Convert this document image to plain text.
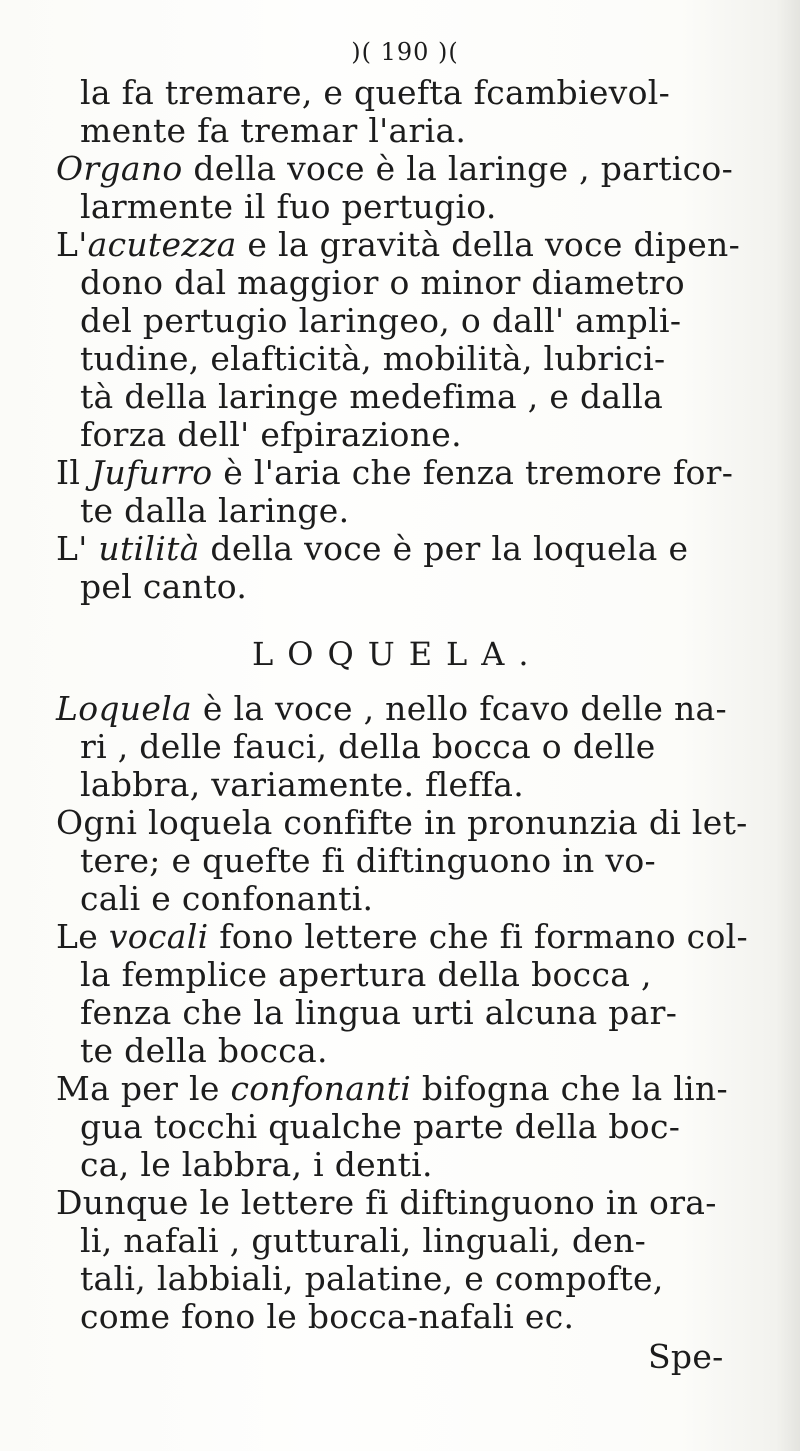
)( 190 )(
la fa tremare, e quefta fcambievol-
mente fa tremar l'aria.
Organo della voce è la laringe , partico-
larmente il fuo pertugio.
L'acutezza e la gravità della voce dipen-
dono dal maggior o minor diametro
del pertugio laringeo, o dall' ampli-
tudine, elafticità, mobilità, lubrici-
tà della laringe medefima , e dalla
forza dell' efpirazione.
Il Jufurro è l'aria che fenza tremore for-
te dalla laringe.
L' utilità della voce è per la loquela e
pel canto.
LOQUELA.
Loquela è la voce , nello fcavo delle na-
ri , delle fauci, della bocca o delle
labbra, variamente. fleffa.
Ogni loquela confifte in pronunzia di let-
tere; e quefte fi diftinguono in vo-
cali e confonanti.
Le vocali fono lettere che fi formano col-
la femplice apertura della bocca ,
fenza che la lingua urti alcuna par-
te della bocca.
Ma per le confonanti bifogna che la lin-
gua tocchi qualche parte della boc-
ca, le labbra, i denti.
Dunque le lettere fi diftinguono in ora-
li, nafali , gutturali, linguali, den-
tali, labbiali, palatine, e compofte,
come fono le bocca-nafali ec.
Spe-
